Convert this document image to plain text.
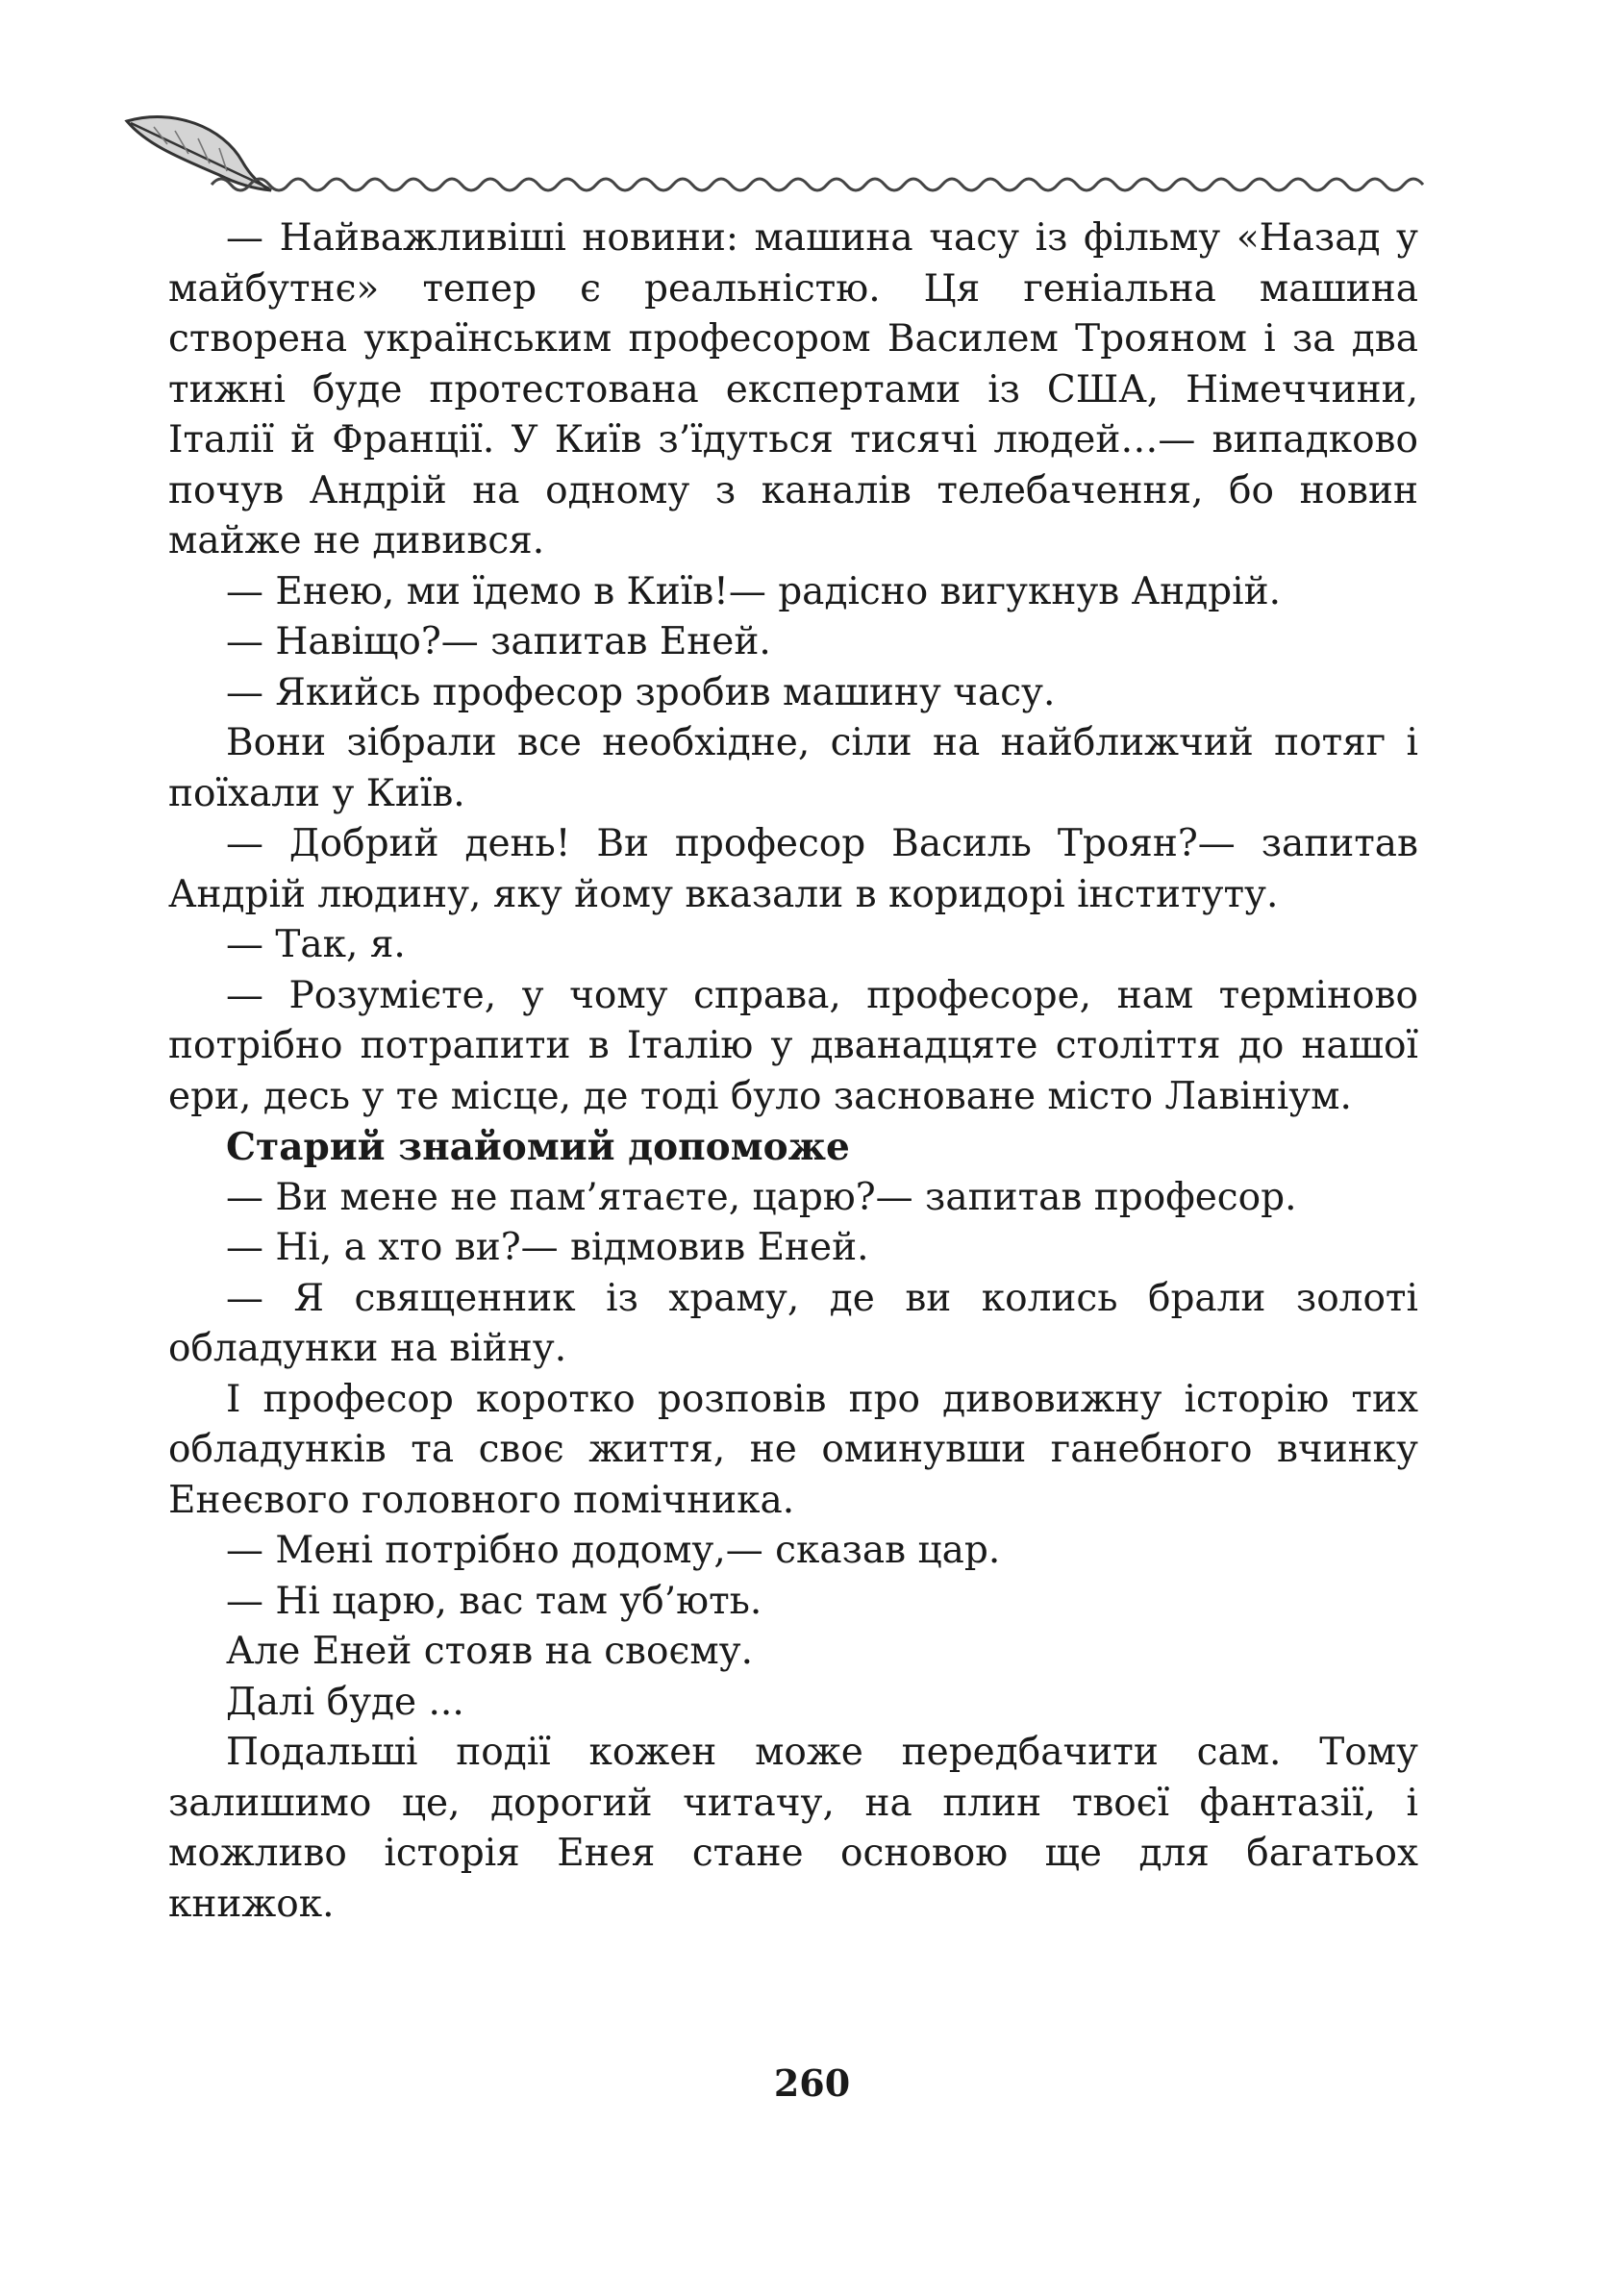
— Найважливіші новини: машина часу із фільму «Назад у майбутнє» тепер є реальністю. Ця геніальна машина створена українським професором Василем Трояном і за два тижні буде протестована експертами із США, Німеччини, Італії й Франції. У Київ з’їдуться тисячі людей…— випадково почув Андрій на одному з каналів телебачення, бо новин майже не дивився.

— Енею, ми їдемо в Київ!— радісно вигукнув Андрій.

— Навіщо?— запитав Еней.

— Якийсь професор зробив машину часу.

Вони зібрали все необхідне, сіли на найближчий потяг і поїхали у Київ.

— Добрий день! Ви професор Василь Троян?— запитав Андрій людину, яку йому вказали в коридорі інституту.

— Так, я.

— Розумієте, у чому справа, професоре, нам терміново потрібно потрапити в Італію у дванадцяте століття до нашої ери, десь у те місце, де тоді було засноване місто Лавініум.

Старий знайомий допоможе

— Ви мене не пам’ятаєте, царю?— запитав професор.

— Ні, а хто ви?— відмовив Еней.

— Я священник із храму, де ви колись брали золоті обладунки на війну.

І професор коротко розповів про дивовижну історію тих обладунків та своє життя, не оминувши ганебного вчинку Енеєвого головного помічника.

— Мені потрібно додому,— сказав цар.

— Ні царю, вас там уб’ють.

Але Еней стояв на своєму.

Далі буде ...

Подальші події кожен може передбачити сам. Тому залишимо це, дорогий читачу, на плин твоєї фантазії, і можливо історія Енея стане основою ще для багатьох книжок.

260
